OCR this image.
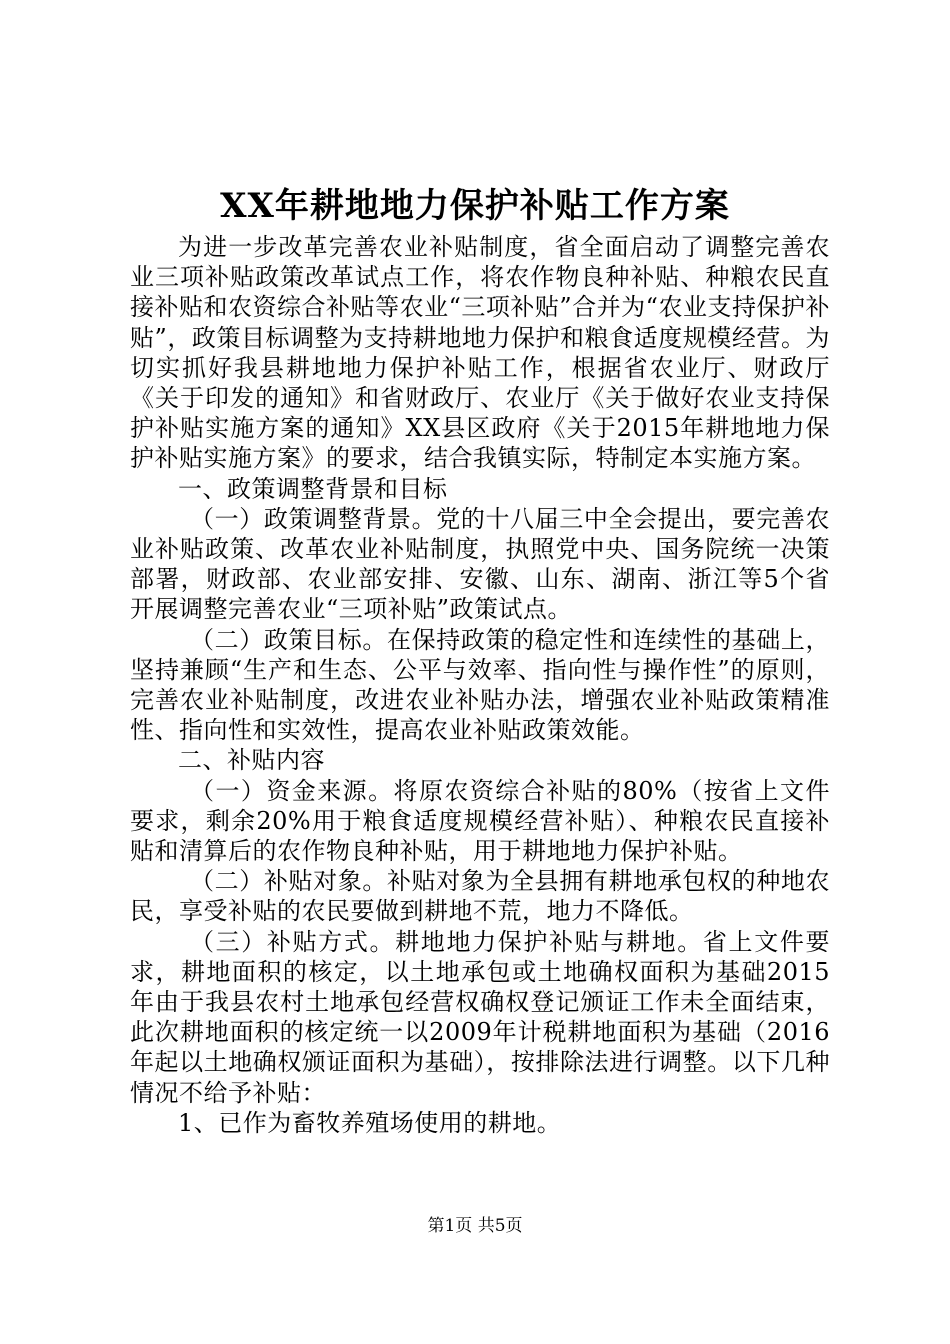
XX年耕地地力保护补贴工作方案

为进一步改革完善农业补贴制度，省全面启动了调整完善农业三项补贴政策改革试点工作，将农作物良种补贴、种粮农民直接补贴和农资综合补贴等农业“三项补贴”合并为“农业支持保护补贴”，政策目标调整为支持耕地地力保护和粮食适度规模经营。为切实抓好我县耕地地力保护补贴工作，根据省农业厅、财政厅《关于印发的通知》和省财政厅、农业厅《关于做好农业支持保护补贴实施方案的通知》XX县区政府《关于2015年耕地地力保护补贴实施方案》的要求，结合我镇实际，特制定本实施方案。

一、政策调整背景和目标

（一）政策调整背景。党的十八届三中全会提出，要完善农业补贴政策、改革农业补贴制度，执照党中央、国务院统一决策部署，财政部、农业部安排、安徽、山东、湖南、浙江等5个省开展调整完善农业“三项补贴”政策试点。

（二）政策目标。在保持政策的稳定性和连续性的基础上，坚持兼顾“生产和生态、公平与效率、指向性与操作性”的原则，完善农业补贴制度，改进农业补贴办法，增强农业补贴政策精准性、指向性和实效性，提高农业补贴政策效能。

二、补贴内容

（一）资金来源。将原农资综合补贴的80%（按省上文件要求，剩余20%用于粮食适度规模经营补贴）、种粮农民直接补贴和清算后的农作物良种补贴，用于耕地地力保护补贴。

（二）补贴对象。补贴对象为全县拥有耕地承包权的种地农民，享受补贴的农民要做到耕地不荒，地力不降低。

（三）补贴方式。耕地地力保护补贴与耕地。省上文件要求，耕地面积的核定，以土地承包或土地确权面积为基础2015年由于我县农村土地承包经营权确权登记颁证工作未全面结束，此次耕地面积的核定统一以2009年计税耕地面积为基础（2016年起以土地确权颁证面积为基础），按排除法进行调整。以下几种情况不给予补贴：

1、已作为畜牧养殖场使用的耕地。

第1页 共5页
